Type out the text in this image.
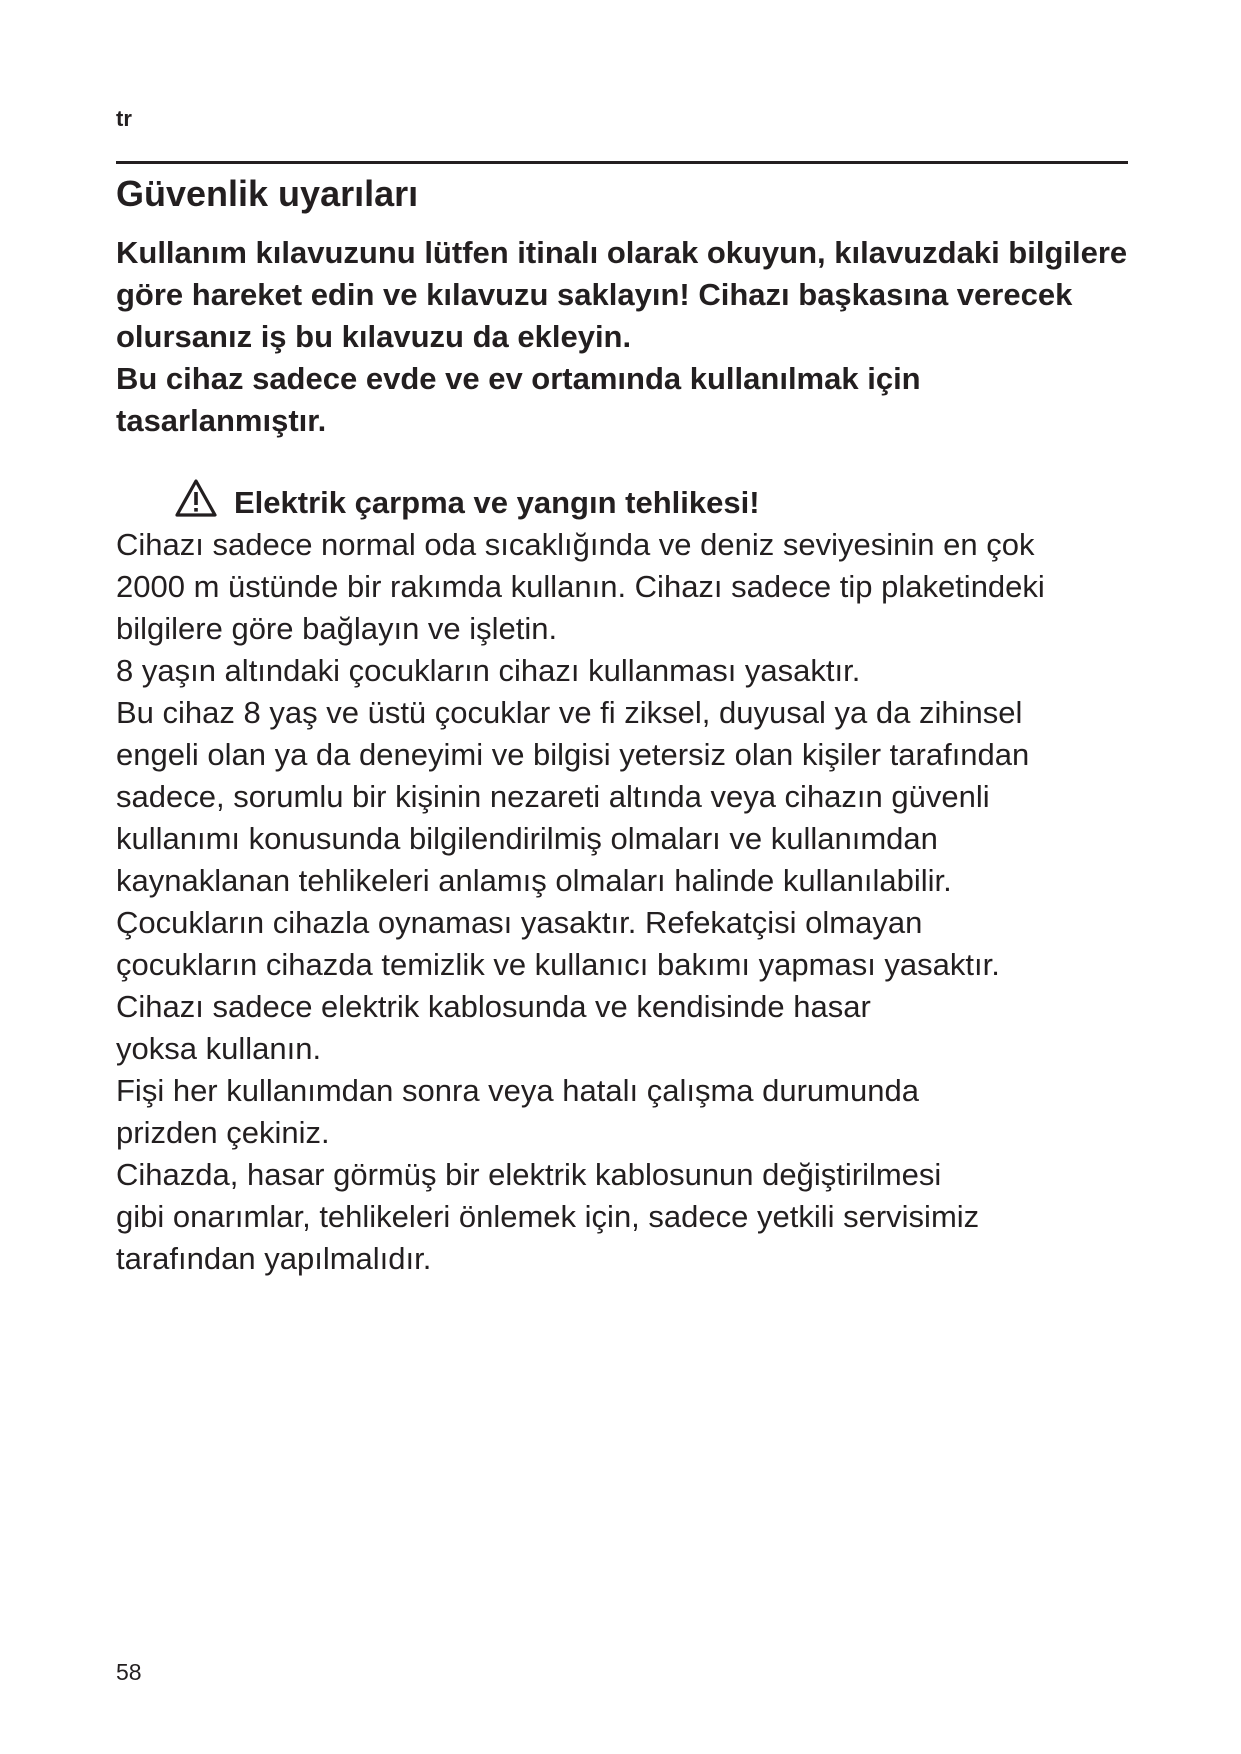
tr
Güvenlik uyarıları

Kullanım kılavuzunu lütfen itinalı olarak okuyun, kılavuzdaki bilgilere göre hareket edin ve kılavuzu saklayın! Cihazı başkasına verecek olursanız iş bu kılavuzu da ekleyin.

Bu cihaz sadece evde ve ev ortamında kullanılmak için tasarlanmıştır.

Elektrik çarpma ve yangın tehlikesi!

Cihazı sadece normal oda sıcaklığında ve deniz seviyesinin en çok
2000 m üstünde bir rakımda kullanın. Cihazı sadece tip plaketindeki
bilgilere göre bağlayın ve işletin.

8 yaşın altındaki çocukların cihazı kullanması yasaktır.

Bu cihaz 8 yaş ve üstü çocuklar ve fi ziksel, duyusal ya da zihinsel
engeli olan ya da deneyimi ve bilgisi yetersiz olan kişiler tarafından
sadece, sorumlu bir kişinin nezareti altında veya cihazın güvenli
kullanımı konusunda bilgilendirilmiş olmaları ve kullanımdan
kaynaklanan tehlikeleri anlamış olmaları halinde kullanılabilir.

Çocukların cihazla oynaması yasaktır. Refekatçisi olmayan
çocukların cihazda temizlik ve kullanıcı bakımı yapması yasaktır.

Cihazı sadece elektrik kablosunda ve kendisinde hasar
yoksa kullanın.

Fişi her kullanımdan sonra veya hatalı çalışma durumunda
prizden çekiniz.

Cihazda, hasar görmüş bir elektrik kablosunun değiştirilmesi
gibi onarımlar, tehlikeleri önlemek için, sadece yetkili servisimiz
tarafından yapılmalıdır.

58
